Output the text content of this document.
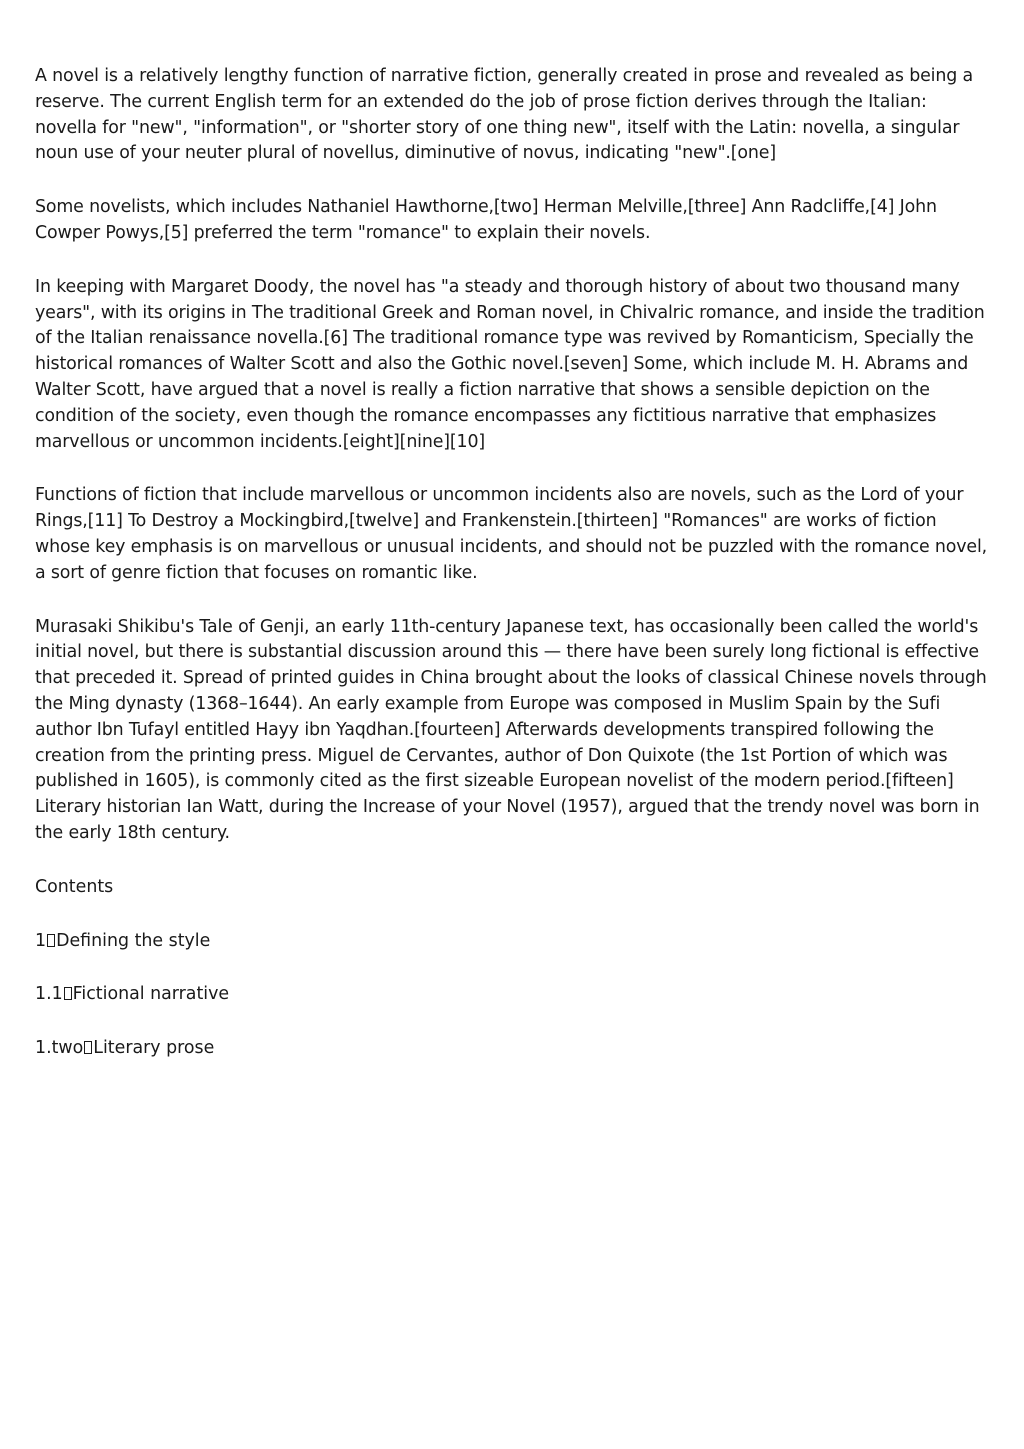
A novel is a relatively lengthy function of narrative fiction, generally created in prose and revealed as being a reserve. The current English term for an extended do the job of prose fiction derives through the Italian: novella for "new", "information", or "shorter story of one thing new", itself with the Latin: novella, a singular noun use of your neuter plural of novellus, diminutive of novus, indicating "new".[one]

Some novelists, which includes Nathaniel Hawthorne,[two] Herman Melville,[three] Ann Radcliffe,[4] John Cowper Powys,[5] preferred the term "romance" to explain their novels.

In keeping with Margaret Doody, the novel has "a steady and thorough history of about two thousand many years", with its origins in The traditional Greek and Roman novel, in Chivalric romance, and inside the tradition of the Italian renaissance novella.[6] The traditional romance type was revived by Romanticism, Specially the historical romances of Walter Scott and also the Gothic novel.[seven] Some, which include M. H. Abrams and Walter Scott, have argued that a novel is really a fiction narrative that shows a sensible depiction on the condition of the society, even though the romance encompasses any fictitious narrative that emphasizes marvellous or uncommon incidents.[eight][nine][10]

Functions of fiction that include marvellous or uncommon incidents also are novels, such as the Lord of your Rings,[11] To Destroy a Mockingbird,[twelve] and Frankenstein.[thirteen] "Romances" are works of fiction whose key emphasis is on marvellous or unusual incidents, and should not be puzzled with the romance novel, a sort of genre fiction that focuses on romantic like.

Murasaki Shikibu's Tale of Genji, an early 11th-century Japanese text, has occasionally been called the world's initial novel, but there is substantial discussion around this — there have been surely long fictional is effective that preceded it. Spread of printed guides in China brought about the looks of classical Chinese novels through the Ming dynasty (1368–1644). An early example from Europe was composed in Muslim Spain by the Sufi author Ibn Tufayl entitled Hayy ibn Yaqdhan.[fourteen] Afterwards developments transpired following the creation from the printing press. Miguel de Cervantes, author of Don Quixote (the 1st Portion of which was published in 1605), is commonly cited as the first sizeable European novelist of the modern period.[fifteen] Literary historian Ian Watt, during the Increase of your Novel (1957), argued that the trendy novel was born in the early 18th century.

Contents
1 Defining the style
1.1 Fictional narrative
1.two Literary prose
